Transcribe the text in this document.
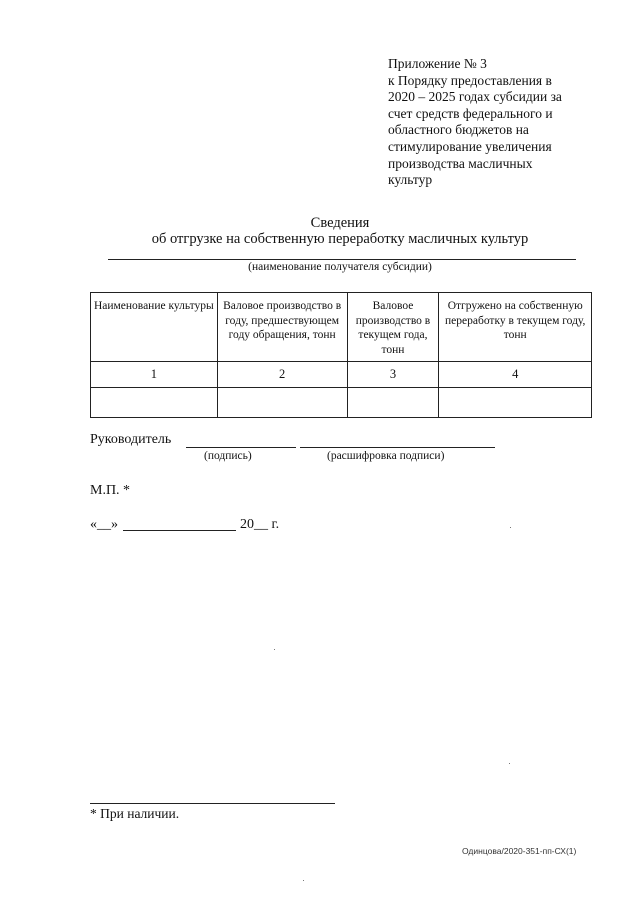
Приложение № 3
к Порядку предоставления в
2020 – 2025 годах субсидии за
счет средств федерального и
областного бюджетов на
стимулирование увеличения
производства масличных
культур
Сведения
об отгрузке на собственную переработку масличных культур
(наименование получателя субсидии)
Наименование культуры	Валовое производство в году, предшествующем году обращения, тонн	Валовое производство в текущем года, тонн	Отгружено на собственную переработку в текущем году, тонн
1	2	3	4

Руководитель
(подпись)	(расшифровка подписи)
М.П. *
«__»	20__ г.
* При наличии.
Одинцова/2020-351-пп-СХ(1)
